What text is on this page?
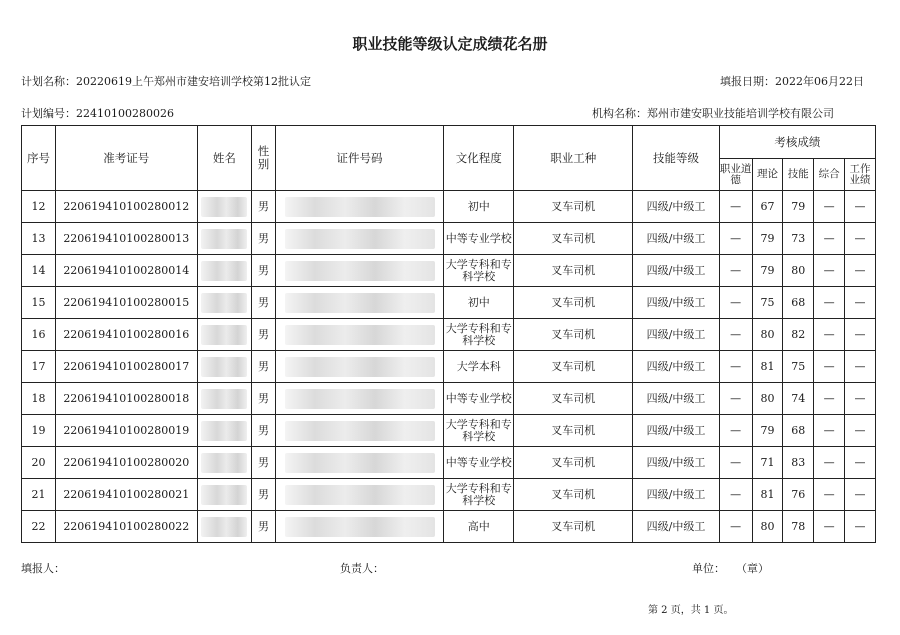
职业技能等级认定成绩花名册
计划名称：20220619上午郑州市建安培训学校第12批认定	填报日期：2022年06月22日
计划编号：22410100280026	机构名称：郑州市建安职业技能培训学校有限公司
序号	准考证号	姓名	性别	证件号码	文化程度	职业工种	技能等级	考核成绩				
								职业道德	理论	技能	综合	工作业绩
12	220619410100280012		男		初中	叉车司机	四级/中级工	—	67	79	—	—
13	220619410100280013		男		中等专业学校	叉车司机	四级/中级工	—	79	73	—	—
14	220619410100280014		男		大学专科和专科学校	叉车司机	四级/中级工	—	79	80	—	—
15	220619410100280015		男		初中	叉车司机	四级/中级工	—	75	68	—	—
16	220619410100280016		男		大学专科和专科学校	叉车司机	四级/中级工	—	80	82	—	—
17	220619410100280017		男		大学本科	叉车司机	四级/中级工	—	81	75	—	—
18	220619410100280018		男		中等专业学校	叉车司机	四级/中级工	—	80	74	—	—
19	220619410100280019		男		大学专科和专科学校	叉车司机	四级/中级工	—	79	68	—	—
20	220619410100280020		男		中等专业学校	叉车司机	四级/中级工	—	71	83	—	—
21	220619410100280021		男		大学专科和专科学校	叉车司机	四级/中级工	—	81	76	—	—
22	220619410100280022		男		高中	叉车司机	四级/中级工	—	80	78	—	—
填报人：	负责人：	单位： （章）
第 2 页，共 1 页。
